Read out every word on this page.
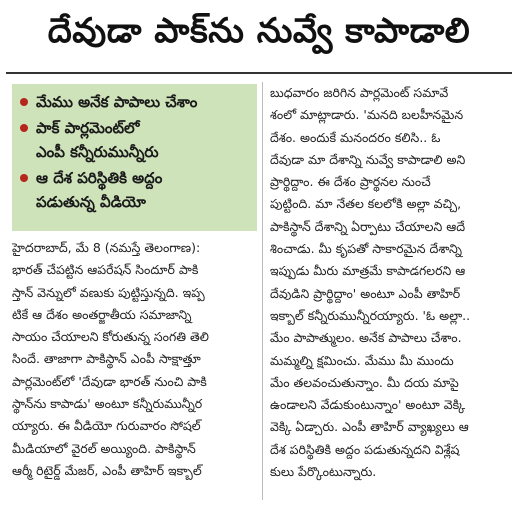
దేవుడా పాక్‌ను నువ్వే కాపాడాలి
మేము అనేక పాపాలు చేశాం
పాక్ పార్లమెంట్‌లో
ఎంపీ కన్నీరుమున్నీరు
ఆ దేశ పరిస్థితికి అద్దం
పడుతున్న వీడియో
హైదరాబాద్, మే 8 (నమస్తే తెలంగాణ):
భారత్ చేపట్టిన ఆపరేషన్ సిందూర్ పాకి
స్తాన్ వెన్నులో వణుకు పుట్టిస్తున్నది. ఇప్ప
టికే ఆ దేశం అంతర్జాతీయ సమాజాన్ని
సాయం చేయాలని కోరుతున్న సంగతి తెలి
సిందే. తాజాగా పాకిస్థాన్ ఎంపీ సాక్షాత్తూ
పార్లమెంట్‌లో 'దేవుడా భారత్ నుంచి పాకి
స్థాన్‌ను కాపాడు' అంటూ కన్నీరుమున్నీర
య్యారు. ఈ వీడియో గురువారం సోషల్
మీడియాలో వైరల్ అయ్యింది. పాకిస్థాన్
ఆర్మీ రిటైర్డ్ మేజర్, ఎంపీ తాహిర్ ఇక్బాల్
బుధవారం జరిగిన పార్లమెంట్ సమావే
శంలో మాట్లాడారు. 'మనది బలహీనమైన
దేశం. అందుకే మనందరం కలిసి.. ఓ
దేవుడా మా దేశాన్ని నువ్వే కాపాడాలి అని
ప్రార్థిద్దాం. ఈ దేశం ప్రార్థనల నుంచే
పుట్టింది. మా నేతల కలలోకి అల్లా వచ్చి,
పాకిస్థాన్ దేశాన్ని ఏర్పాటు చేయాలని ఆదే
శించాడు. మీ కృపతో సాకారమైన దేశాన్ని
ఇప్పుడు మీరు మాత్రమే కాపాడగలరని ఆ
దేవుడిని ప్రార్థిద్దాం' అంటూ ఎంపీ తాహిర్
ఇక్బాల్ కన్నీరుమున్నీరయ్యారు. 'ఓ అల్లా..
మేం పాపాత్ములం. అనేక పాపాలు చేశాం.
మమ్మల్ని క్షమించు. మేము మీ ముందు
మేం తలవంచుతున్నాం. మీ దయ మాపై
ఉండాలని వేడుకుంటున్నాం' అంటూ వెక్కి
వెక్కి ఏడ్చారు. ఎంపీ తాహిర్ వ్యాఖ్యలు ఆ
దేశ పరిస్థితికి అద్దం పడుతున్నదని విశ్లేష
కులు పేర్కొంటున్నారు.
